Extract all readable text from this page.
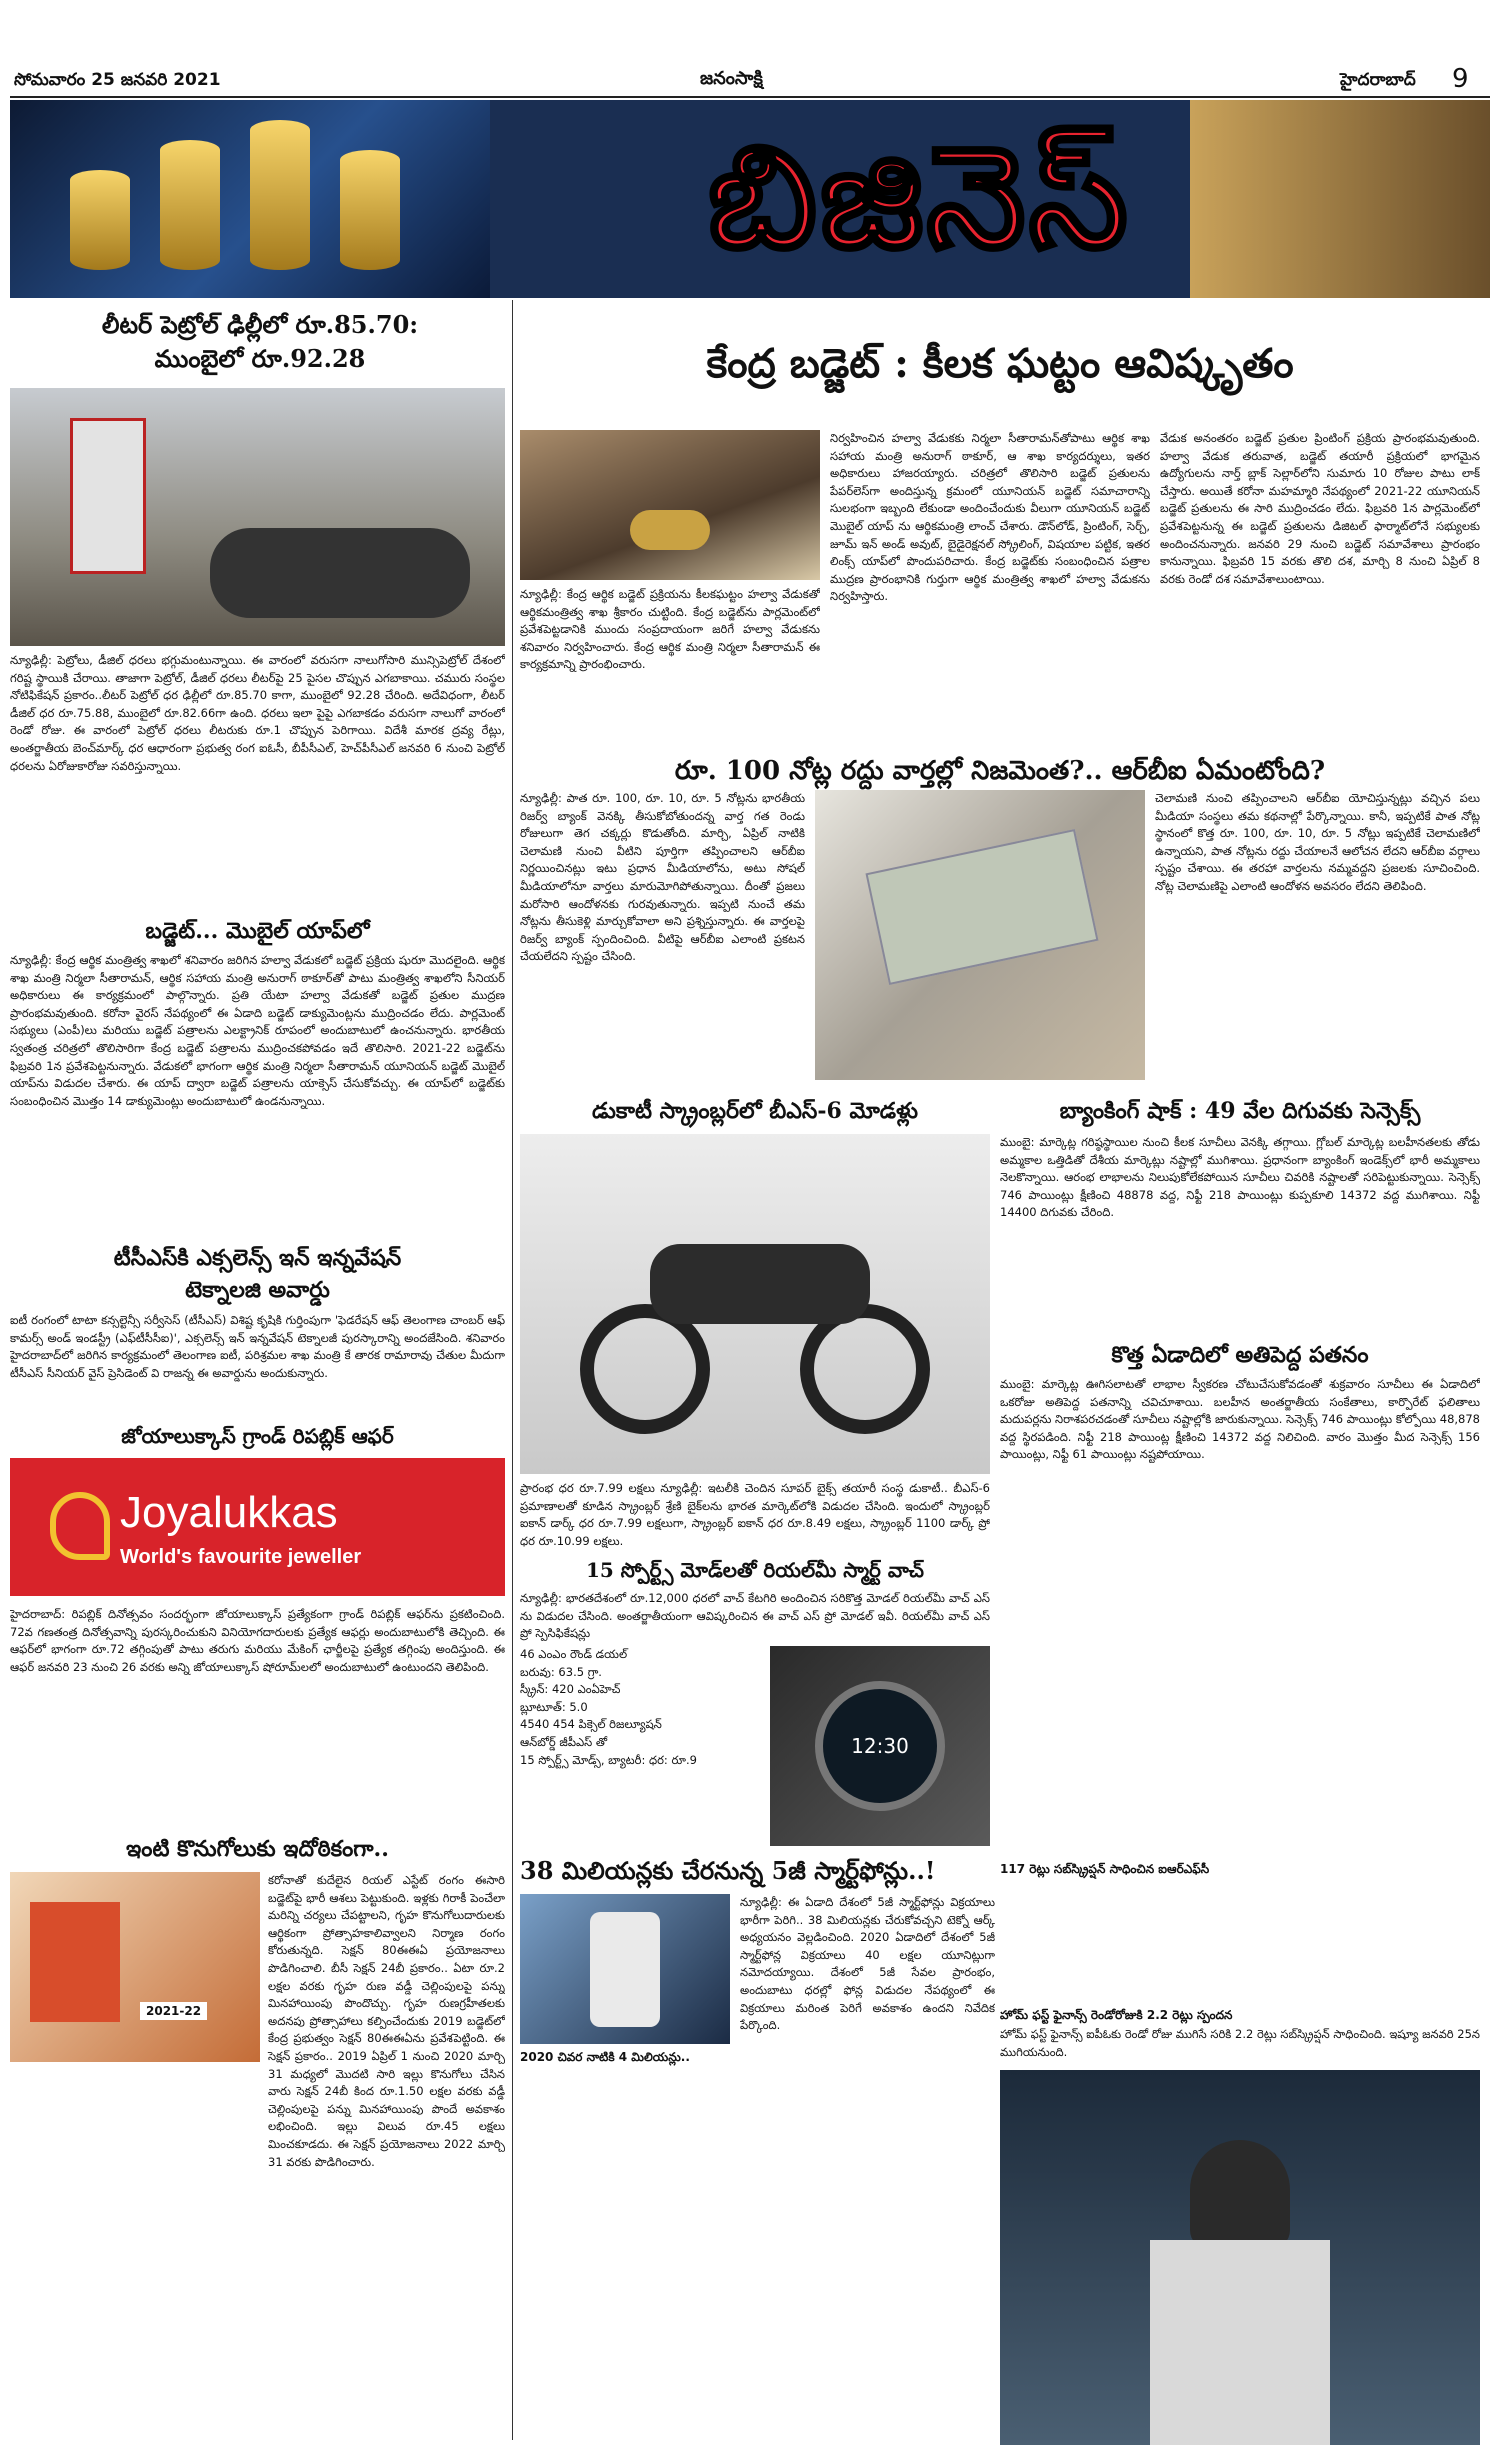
సోమవారం 25 జనవరి 2021	జనంసాక్షి	హైదరాబాద్ 9
బిజినెస్
లీటర్‌ పెట్రోల్‌ ఢిల్లీలో రూ.85.70:
ముంబైలో రూ.92.28
న్యూఢిల్లీ: పెట్రోలు, డీజిల్‌ ధరలు భగ్గుమంటున్నాయి. ఈ వారంలో వరుసగా నాలుగోసారి మున్సిపెట్రోల్‌ దేశంలో గరిష్ట స్థాయికి చేరాయి. తాజాగా పెట్రోల్‌, డీజిల్‌ ధరలు లీటర్‌పై 25 పైసల చొప్పున ఎగబాకాయి. చమురు సంస్థల నోటిఫికేషన్‌ ప్రకారం..లీటర్‌ పెట్రోల్‌ ధర ఢిల్లీలో రూ.85.70 కాగా, ముంబైలో 92.28 చేరింది. అదేవిధంగా, లీటర్‌ డీజిల్‌ ధర రూ.75.88, ముంబైలో రూ.82.66గా ఉంది. ధరలు ఇలా పైపై ఎగబాకడం వరుసగా నాలుగో వారంలో రెండో రోజు. ఈ వారంలో పెట్రోల్‌ ధరలు లీటరుకు రూ.1 చొప్పున పెరిగాయి. విదేశీ మారక ద్రవ్య రేట్లు, అంతర్జాతీయ బెంచ్‌మార్క్‌ ధర ఆధారంగా ప్రభుత్వ రంగ ఐఓసీ, బీపీసీఎల్‌, హెచ్‌పీసీఎల్‌ జనవరి 6 నుంచి పెట్రోల్‌ ధరలను ఏరోజుకారోజు సవరిస్తున్నాయి.
బడ్జెట్‌... మొబైల్‌ యాప్‌లో
న్యూఢిల్లీ: కేంద్ర ఆర్థిక మంత్రిత్వ శాఖలో శనివారం జరిగిన హల్వా వేడుకలో బడ్జెట్‌ ప్రక్రియ షురూ మొదలైంది. ఆర్థిక శాఖ మంత్రి నిర్మలా సీతారామన్‌, ఆర్థిక సహాయ మంత్రి అనురాగ్‌ ఠాకూర్‌తో పాటు మంత్రిత్వ శాఖలోని సీనియర్‌ అధికారులు ఈ కార్యక్రమంలో పాల్గొన్నారు. ప్రతి యేటా హల్వా వేడుకతో బడ్జెట్‌ ప్రతుల ముద్రణ ప్రారంభమవుతుంది. కరోనా వైరస్‌ నేపథ్యంలో ఈ ఏడాది బడ్జెట్‌ డాక్యుమెంట్లను ముద్రించడం లేదు. పార్లమెంట్‌ సభ్యులు (ఎంపీ)లు మరియు బడ్జెట్‌ పత్రాలను ఎలక్ట్రానిక్‌ రూపంలో అందుబాటులో ఉంచనున్నారు. భారతీయ స్వతంత్ర చరిత్రలో తొలిసారిగా కేంద్ర బడ్జెట్‌ పత్రాలను ముద్రించకపోవడం ఇదే తొలిసారి. 2021-22 బడ్జెట్‌ను ఫిబ్రవరి 1న ప్రవేశపెట్టనున్నారు. వేడుకలో భాగంగా ఆర్థిక మంత్రి నిర్మలా సీతారామన్‌ యూనియన్‌ బడ్జెట్‌ మొబైల్‌ యాప్‌ను విడుదల చేశారు. ఈ యాప్‌ ద్వారా బడ్జెట్‌ పత్రాలను యాక్సెస్‌ చేసుకోవచ్చు. ఈ యాప్‌లో బడ్జెట్‌కు సంబంధించిన మొత్తం 14 డాక్యుమెంట్లు అందుబాటులో ఉండనున్నాయి.
టీసీఎస్‌కి ఎక్సలెన్స్‌ ఇన్‌ ఇన్నవేషన్‌
టెక్నాలజి అవార్డు
ఐటీ రంగంలో టాటా కన్సల్టెన్సీ సర్వీసెస్‌ (టీసీఎస్‌) విశిష్ట కృషికి గుర్తింపుగా 'ఫెడరేషన్‌ ఆఫ్‌ తెలంగాణ చాంబర్‌ ఆఫ్‌ కామర్స్‌ అండ్‌ ఇండస్ట్రీ (ఎఫ్‌టీసీసీఐ)', ఎక్సలెన్స్‌ ఇన్‌ ఇన్నవేషన్‌ టెక్నాలజీ పురస్కారాన్ని అందజేసింది. శనివారం హైదరాబాద్‌లో జరిగిన కార్యక్రమంలో తెలంగాణ ఐటీ, పరిశ్రమల శాఖ మంత్రి కే తారక రామారావు చేతుల మీదుగా టీసీఎస్‌ సీనియర్‌ వైస్‌ ప్రెసిడెంట్‌ వి రాజన్న ఈ అవార్డును అందుకున్నారు.
జోయాలుక్కాస్‌ గ్రాండ్‌ రిపబ్లిక్‌ ఆఫర్‌
Joyalukkas
World's favourite jeweller
హైదరాబాద్‌: రిపబ్లిక్‌ దినోత్సవం సందర్భంగా జోయాలుక్కాస్‌ ప్రత్యేకంగా గ్రాండ్‌ రిపబ్లిక్‌ ఆఫర్‌ను ప్రకటించింది. 72వ గణతంత్ర దినోత్సవాన్ని పురస్కరించుకుని వినియోగదారులకు ప్రత్యేక ఆఫర్లు అందుబాటులోకి తెచ్చింది. ఈ ఆఫర్‌లో భాగంగా రూ.72 తగ్గింపుతో పాటు తరుగు మరియు మేకింగ్‌ ఛార్జీలపై ప్రత్యేక తగ్గింపు అందిస్తుంది. ఈ ఆఫర్‌ జనవరి 23 నుంచి 26 వరకు అన్ని జోయాలుక్కాస్‌ షోరూమ్‌లలో అందుబాటులో ఉంటుందని తెలిపింది.
ఇంటి కొనుగోలుకు ఇదోఠికంగా..
2021-22
కరోనాతో కుదేలైన రియల్‌ ఎస్టేట్‌ రంగం ఈసారి బడ్జెట్‌పై భారీ ఆశలు పెట్టుకుంది. ఇళ్లకు గిరాకీ పెంచేలా మరిన్ని చర్యలు చేపట్టాలని, గృహ కొనుగోలుదారులకు ఆర్థికంగా ప్రోత్సాహకాలివ్వాలని నిర్మాణ రంగం కోరుతున్నది. సెక్షన్‌ 80ఈఈఏ ప్రయోజనాలు పొడిగించాలి. బీసీ సెక్షన్‌ 24బీ ప్రకారం.. ఏటా రూ.2 లక్షల వరకు గృహ రుణ వడ్డీ చెల్లింపులపై పన్ను మినహాయింపు పొందొచ్చు. గృహ రుణగ్రహీతలకు అదనపు ప్రోత్సాహాలు కల్పించేందుకు 2019 బడ్జెట్‌లో కేంద్ర ప్రభుత్వం సెక్షన్‌ 80ఈఈఏను ప్రవేశపెట్టింది. ఈ సెక్షన్‌ ప్రకారం.. 2019 ఏప్రిల్‌ 1 నుంచి 2020 మార్చి 31 మధ్యలో మొదటి సారి ఇల్లు కొనుగోలు చేసిన వారు సెక్షన్‌ 24బీ కింద రూ.1.50 లక్షల వరకు వడ్డీ చెల్లింపులపై పన్ను మినహాయింపు పొందే అవకాశం లభించింది. ఇల్లు విలువ రూ.45 లక్షలు మించకూడదు. ఈ సెక్షన్‌ ప్రయోజనాలు 2022 మార్చి 31 వరకు పొడిగించారు.
కేంద్ర బడ్జెట్‌ : కీలక ఘట్టం ఆవిష్కృతం
న్యూఢిల్లీ: కేంద్ర ఆర్థిక బడ్జెట్‌ ప్రక్రియను కీలకఘట్టం హల్వా వేడుకతో ఆర్థికమంత్రిత్వ శాఖ శ్రీకారం చుట్టింది. కేంద్ర బడ్జెట్‌ను పార్లమెంట్‌లో ప్రవేశపెట్టడానికి ముందు సంప్రదాయంగా జరిగే హల్వా వేడుకను శనివారం నిర్వహించారు. కేంద్ర ఆర్థిక మంత్రి నిర్మలా సీతారామన్‌ ఈ కార్యక్రమాన్ని ప్రారంభించారు.
నిర్వహించిన హల్వా వేడుకకు నిర్మలా సీతారామన్‌తోపాటు ఆర్థిక శాఖ సహాయ మంత్రి అనురాగ్‌ ఠాకూర్‌, ఆ శాఖ కార్యదర్శులు, ఇతర అధికారులు హాజరయ్యారు. చరిత్రలో తొలిసారి బడ్జెట్‌ ప్రతులను పేపర్‌లెస్‌గా అందిస్తున్న క్రమంలో యూనియన్‌ బడ్జెట్‌ సమాచారాన్ని సులభంగా ఇబ్బంది లేకుండా అందించేందుకు వీలుగా యూనియన్‌ బడ్జెట్‌ మొబైల్‌ యాప్‌ ను ఆర్థికమంత్రి లాంచ్‌ చేశారు. డౌన్‌లోడ్‌, ప్రింటింగ్‌, సెర్చ్‌, జూమ్‌ ఇన్‌ అండ్‌ అవుట్‌, బైడైరెక్షనల్‌ స్క్రోలింగ్‌, విషయాల పట్టిక, ఇతర లింక్స్‌ యాప్‌లో పొందుపరిచారు. కేంద్ర బడ్జెట్‌కు సంబంధించిన పత్రాల ముద్రణ ప్రారంభానికి గుర్తుగా ఆర్థిక మంత్రిత్వ శాఖలో హల్వా వేడుకను నిర్వహిస్తారు.
వేడుక అనంతరం బడ్జెట్‌ ప్రతుల ప్రింటింగ్‌ ప్రక్రియ ప్రారంభమవుతుంది. హల్వా వేడుక తరువాత, బడ్జెట్‌ తయారీ ప్రక్రియలో భాగమైన ఉద్యోగులను నార్త్‌ బ్లాక్‌ సెల్లార్‌లోని సుమారు 10 రోజుల పాటు లాక్‌ చేస్తారు. అయితే కరోనా మహమ్మారి నేపథ్యంలో 2021-22 యూనియన్‌ బడ్జెట్‌ ప్రతులను ఈ సారి ముద్రించడం లేదు. ఫిబ్రవరి 1న పార్లమెంట్‌లో ప్రవేశపెట్టనున్న ఈ బడ్జెట్‌ ప్రతులను డిజిటల్‌ ఫార్మాట్‌లోనే సభ్యులకు అందించనున్నారు. జనవరి 29 నుంచి బడ్జెట్‌ సమావేశాలు ప్రారంభం కానున్నాయి. ఫిబ్రవరి 15 వరకు తొలి దశ, మార్చి 8 నుంచి ఏప్రిల్‌ 8 వరకు రెండో దశ సమావేశాలుంటాయి.
రూ. 100 నోట్ల రద్దు వార్తల్లో నిజమెంత?.. ఆర్‌బీఐ ఏమంటోంది?
న్యూఢిల్లీ: పాత రూ. 100, రూ. 10, రూ. 5 నోట్లను భారతీయ రిజర్వ్‌ బ్యాంక్‌ వెనక్కి తీసుకోబోతుందన్న వార్త గత రెండు రోజులుగా తెగ చక్కర్లు కొడుతోంది. మార్చి, ఏప్రిల్‌ నాటికి చెలామణి నుంచి వీటిని పూర్తిగా తప్పించాలని ఆర్‌బీఐ నిర్ణయించినట్లు ఇటు ప్రధాన మీడియాలోను, అటు సోషల్‌ మీడియాలోనూ వార్తలు మారుమోగిపోతున్నాయి. దీంతో ప్రజలు మరోసారి ఆందోళనకు గురవుతున్నారు. ఇప్పటి నుంచే తమ నోట్లను తీసుకెళ్లి మార్చుకోవాలా అని ప్రశ్నిస్తున్నారు. ఈ వార్తలపై రిజర్వ్‌ బ్యాంక్‌ స్పందించింది. వీటిపై ఆర్‌బీఐ ఎలాంటి ప్రకటన చేయలేదని స్పష్టం చేసింది.
చెలామణి నుంచి తప్పించాలని ఆర్‌బీఐ యోచిస్తున్నట్లు వచ్చిన పలు మీడియా సంస్థలు తమ కథనాల్లో పేర్కొన్నాయి. కానీ, ఇప్పటికే పాత నోట్ల స్థానంలో కొత్త రూ. 100, రూ. 10, రూ. 5 నోట్లు ఇప్పటికే చెలామణిలో ఉన్నాయని, పాత నోట్లను రద్దు చేయాలనే ఆలోచన లేదని ఆర్‌బీఐ వర్గాలు స్పష్టం చేశాయి. ఈ తరహా వార్తలను నమ్మవద్దని ప్రజలకు సూచించింది. నోట్ల చెలామణిపై ఎలాంటి ఆందోళన అవసరం లేదని తెలిపింది.
డుకాటీ స్క్రాంబ్లర్‌లో బీఎస్‌-6 మోడళ్లు
ప్రారంభ ధర రూ.7.99 లక్షలు న్యూఢిల్లీ: ఇటలీకి చెందిన సూపర్‌ బైక్స్‌ తయారీ సంస్థ డుకాటీ.. బీఎస్‌-6 ప్రమాణాలతో కూడిన స్క్రాంబ్లర్‌ శ్రేణి బైక్‌లను భారత మార్కెట్‌లోకి విడుదల చేసింది. ఇందులో స్క్రాంబ్లర్‌ ఐకాన్‌ డార్క్‌ ధర రూ.7.99 లక్షలుగా, స్క్రాంబ్లర్‌ ఐకాన్‌ ధర రూ.8.49 లక్షలు, స్క్రాంబ్లర్‌ 1100 డార్క్‌ ప్రో ధర రూ.10.99 లక్షలు.
15 స్పోర్ట్స్‌ మోడ్‌లతో రియల్‌మీ స్మార్ట్‌ వాచ్‌
న్యూఢిల్లీ: భారతదేశంలో రూ.12,000 ధరలో వాచ్‌ కేటగిరి అందించిన సరికొత్త మోడల్‌ రియల్‌మీ వాచ్‌ ఎస్‌ ను విడుదల చేసింది. అంతర్జాతీయంగా ఆవిష్కరించిన ఈ వాచ్‌ ఎస్‌ ప్రో మోడల్‌ ఇవీ. రియల్‌మీ వాచ్‌ ఎస్‌ ప్రో స్పెసిఫికేషన్లు
46 ఎంఎం రౌండ్‌ డయల్‌
బరువు: 63.5 గ్రా.
స్క్రీన్‌: 420 ఎంఏహెచ్‌
బ్లూటూత్‌: 5.0
4540 454 పిక్సెల్‌ రిజల్యూషన్‌
ఆన్‌బోర్డ్‌ జీపీఎస్‌ తో
15 స్పోర్ట్స్‌ మోడ్స్‌, బ్యాటరీ: ధర: రూ.9
12:30
38 మిలియన్లకు చేరనున్న 5జీ స్మార్ట్‌ఫోన్లు..!
న్యూఢిల్లీ: ఈ ఏడాది దేశంలో 5జీ స్మార్ట్‌ఫోన్లు విక్రయాలు భారీగా పెరిగి.. 38 మిలియన్లకు చేరుకోవచ్చని టెక్నో ఆర్క్‌ అధ్యయనం వెల్లడించింది. 2020 ఏడాదిలో దేశంలో 5జీ స్మార్ట్‌ఫోన్ల విక్రయాలు 40 లక్షల యూనిట్లుగా నమోదయ్యాయి. దేశంలో 5జీ సేవల ప్రారంభం, అందుబాటు ధరల్లో ఫోన్ల విడుదల నేపథ్యంలో ఈ విక్రయాలు మరింత పెరిగే అవకాశం ఉందని నివేదిక పేర్కొంది.
2020 చివర నాటికి 4 మిలియన్లు..
బ్యాంకింగ్‌ షాక్‌ : 49 వేల దిగువకు సెన్సెక్స్‌
ముంబై: మార్కెట్ల గరిష్ఠస్థాయిల నుంచి కీలక సూచీలు వెనక్కి తగ్గాయి. గ్లోబల్‌ మార్కెట్ల బలహీనతలకు తోడు అమ్మకాల ఒత్తిడితో దేశీయ మార్కెట్లు నష్టాల్లో ముగిశాయి. ప్రధానంగా బ్యాంకింగ్‌ ఇండెక్స్‌లో భారీ అమ్మకాలు నెలకొన్నాయి. ఆరంభ లాభాలను నిలుపుకోలేకపోయిన సూచీలు చివరికి నష్టాలతో సరిపెట్టుకున్నాయి. సెన్సెక్స్‌ 746 పాయింట్లు క్షీణించి 48878 వద్ద, నిఫ్టీ 218 పాయింట్లు కుప్పకూలి 14372 వద్ద ముగిశాయి. నిఫ్టీ 14400 దిగువకు చేరింది.
కొత్త ఏడాదిలో అతిపెద్ద పతనం
ముంబై: మార్కెట్ల ఊగిసలాటతో లాభాల స్వీకరణ చోటుచేసుకోవడంతో శుక్రవారం సూచీలు ఈ ఏడాదిలో ఒకరోజు అతిపెద్ద పతనాన్ని చవిచూశాయి. బలహీన అంతర్జాతీయ సంకేతాలు, కార్పొరేట్‌ ఫలితాలు మదుపర్లను నిరాశపరచడంతో సూచీలు నష్టాల్లోకి జారుకున్నాయి. సెన్సెక్స్‌ 746 పాయింట్లు కోల్పోయి 48,878 వద్ద స్థిరపడింది. నిఫ్టీ 218 పాయింట్ల క్షీణించి 14372 వద్ద నిలిచింది. వారం మొత్తం మీద సెన్సెక్స్‌ 156 పాయింట్లు, నిఫ్టీ 61 పాయింట్లు నష్టపోయాయి.
117 రెట్లు సబ్‌స్క్రిప్షన్‌ సాధించిన ఐఆర్‌ఎఫ్‌సీ
హోమ్‌ ఫస్ట్‌ ఫైనాన్స్‌ రెండోరోజుకి 2.2 రెట్లు స్పందన
హోమ్‌ ఫస్ట్‌ ఫైనాన్స్‌ ఐపీఓకు రెండో రోజు ముగిసే సరికి 2.2 రెట్లు సబ్‌స్క్రిప్షన్‌ సాధించింది. ఇష్యూ జనవరి 25న ముగియనుంది.
